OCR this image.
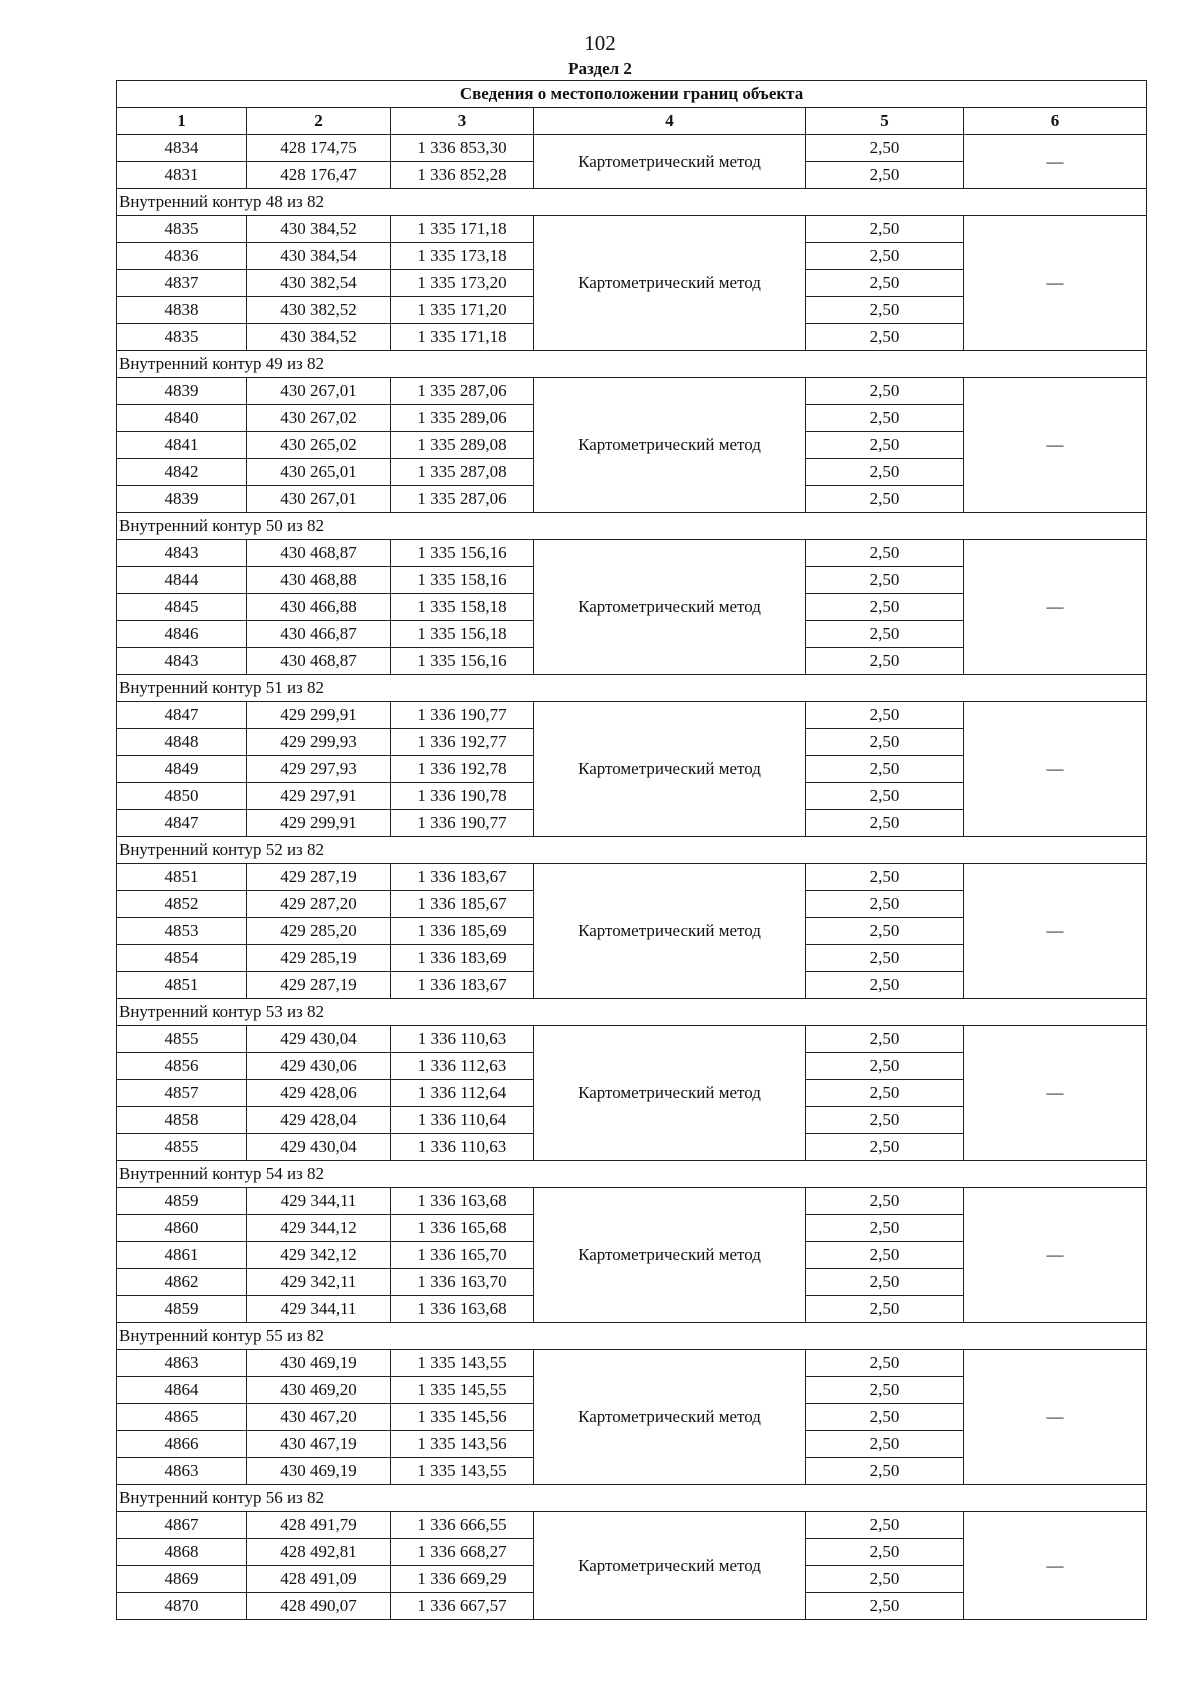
102
Раздел 2
Сведения о местоположении границ объекта					
1	2	3	4	5	6
4834	428 174,75	1 336 853,30	Картометрический метод	2,50	—
4831	428 176,47	1 336 852,28		2,50	
Внутренний контур 48 из 82					
4835	430 384,52	1 335 171,18	Картометрический метод	2,50	—
4836	430 384,54	1 335 173,18		2,50	
4837	430 382,54	1 335 173,20		2,50	
4838	430 382,52	1 335 171,20		2,50	
4835	430 384,52	1 335 171,18		2,50	
Внутренний контур 49 из 82					
4839	430 267,01	1 335 287,06	Картометрический метод	2,50	—
4840	430 267,02	1 335 289,06		2,50	
4841	430 265,02	1 335 289,08		2,50	
4842	430 265,01	1 335 287,08		2,50	
4839	430 267,01	1 335 287,06		2,50	
Внутренний контур 50 из 82					
4843	430 468,87	1 335 156,16	Картометрический метод	2,50	—
4844	430 468,88	1 335 158,16		2,50	
4845	430 466,88	1 335 158,18		2,50	
4846	430 466,87	1 335 156,18		2,50	
4843	430 468,87	1 335 156,16		2,50	
Внутренний контур 51 из 82					
4847	429 299,91	1 336 190,77	Картометрический метод	2,50	—
4848	429 299,93	1 336 192,77		2,50	
4849	429 297,93	1 336 192,78		2,50	
4850	429 297,91	1 336 190,78		2,50	
4847	429 299,91	1 336 190,77		2,50	
Внутренний контур 52 из 82					
4851	429 287,19	1 336 183,67	Картометрический метод	2,50	—
4852	429 287,20	1 336 185,67		2,50	
4853	429 285,20	1 336 185,69		2,50	
4854	429 285,19	1 336 183,69		2,50	
4851	429 287,19	1 336 183,67		2,50	
Внутренний контур 53 из 82					
4855	429 430,04	1 336 110,63	Картометрический метод	2,50	—
4856	429 430,06	1 336 112,63		2,50	
4857	429 428,06	1 336 112,64		2,50	
4858	429 428,04	1 336 110,64		2,50	
4855	429 430,04	1 336 110,63		2,50	
Внутренний контур 54 из 82					
4859	429 344,11	1 336 163,68	Картометрический метод	2,50	—
4860	429 344,12	1 336 165,68		2,50	
4861	429 342,12	1 336 165,70		2,50	
4862	429 342,11	1 336 163,70		2,50	
4859	429 344,11	1 336 163,68		2,50	
Внутренний контур 55 из 82					
4863	430 469,19	1 335 143,55	Картометрический метод	2,50	—
4864	430 469,20	1 335 145,55		2,50	
4865	430 467,20	1 335 145,56		2,50	
4866	430 467,19	1 335 143,56		2,50	
4863	430 469,19	1 335 143,55		2,50	
Внутренний контур 56 из 82					
4867	428 491,79	1 336 666,55	Картометрический метод	2,50	—
4868	428 492,81	1 336 668,27		2,50	
4869	428 491,09	1 336 669,29		2,50	
4870	428 490,07	1 336 667,57		2,50	
